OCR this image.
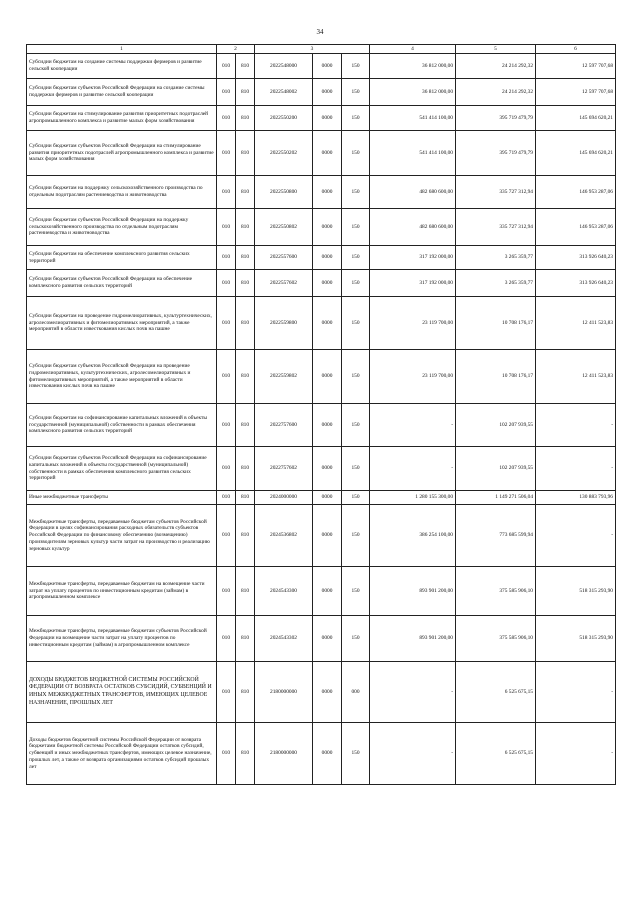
34
1	2		3			4	5	6
Субсидии бюджетам на создание системы поддержки фермеров и развитие сельской кооперации	010	810	2022548000	0000	150	36 812 000,00	24 214 292,32	12 597 707,68
Субсидии бюджетам субъектов Российской Федерации на создание системы поддержки фермеров и развитие сельской кооперации	010	810	2022548002	0000	150	36 812 000,00	24 214 292,32	12 597 707,68
Субсидии бюджетам на стимулирование развития приоритетных подотраслей агропромышленного комплекса и развитие малых форм хозяйствования	010	810	2022550200	0000	150	541 414 100,00	395 719 479,79	145 694 620,21
Субсидии бюджетам субъектов Российской Федерации на стимулирование развития приоритетных подотраслей агропромышленного комплекса и развитие малых форм хозяйствования	010	810	2022550202	0000	150	541 414 100,00	395 719 479,79	145 694 620,21
Субсидии бюджетам на поддержку сельскохозяйственного производства по отдельным подотраслям растениеводства и животноводства	010	810	2022550800	0000	150	482 680 600,00	335 727 312,94	146 953 287,06
Субсидии бюджетам субъектов Российской Федерации на поддержку сельскохозяйственного производства по отдельным подотраслям растениеводства и животноводства	010	810	2022550802	0000	150	482 680 600,00	335 727 312,94	146 953 287,06
Субсидии бюджетам на обеспечение комплексного развития сельских территорий	010	810	2022557600	0000	150	317 192 000,00	3 265 359,77	313 926 640,23
Субсидии бюджетам субъектов Российской Федерации на обеспечение комплексного развития сельских территорий	010	810	2022557602	0000	150	317 192 000,00	3 265 359,77	313 926 640,23
Субсидии бюджетам на проведение гидромелиоративных, культуртехнических, агролесомелиоративных и фитомелиоративных мероприятий, а также мероприятий в области известкования кислых почв на пашне	010	810	2022559800	0000	150	23 119 700,00	10 708 176,17	12 411 523,83
Субсидии бюджетам субъектов Российской Федерации на проведение гидромелиоративных, культуртехнических, агролесомелиоративных и фитомелиоративных мероприятий, а также мероприятий в области известкования кислых почв на пашне	010	810	2022559802	0000	150	23 119 700,00	10 708 176,17	12 411 523,83
Субсидии бюджетам на софинансирование капитальных вложений в объекты государственной (муниципальной) собственности в рамках обеспечения комплексного развития сельских территорий	010	810	2022757600	0000	150	-	102 207 939,55	-
Субсидии бюджетам субъектов Российской Федерации на софинансирование капитальных вложений в объекты государственной (муниципальной) собственности в рамках обеспечения комплексного развития сельских территорий	010	810	2022757602	0000	150	-	102 207 939,55	-
Иные межбюджетные трансферты	010	810	2024000000	0000	150	1 280 155 300,00	1 149 271 506,04	130 883 793,96
Межбюджетные трансферты, передаваемые бюджетам субъектов Российской Федерации в целях софинансирования расходных обязательств субъектов Российской Федерации по финансовому обеспечению (возмещению) производителям зерновых культур части затрат на производство и реализацию зерновых культур	010	810	2024536802	0000	150	386 254 100,00	773 685 599,94	-
Межбюджетные трансферты, передаваемые бюджетам на возмещение части затрат на уплату процентов по инвестиционным кредитам (займам) в агропромышленном комплексе	010	810	2024543300	0000	150	893 901 200,00	375 585 906,10	518 315 293,90
Межбюджетные трансферты, передаваемые бюджетам субъектов Российской Федерации на возмещение части затрат на уплату процентов по инвестиционным кредитам (займам) в агропромышленном комплексе	010	810	2024543302	0000	150	893 901 200,00	375 585 906,10	518 315 293,90
ДОХОДЫ БЮДЖЕТОВ БЮДЖЕТНОЙ СИСТЕМЫ РОССИЙСКОЙ ФЕДЕРАЦИИ ОТ ВОЗВРАТА ОСТАТКОВ СУБСИДИЙ, СУБВЕНЦИЙ И ИНЫХ МЕЖБЮДЖЕТНЫХ ТРАНСФЕРТОВ, ИМЕЮЩИХ ЦЕЛЕВОЕ НАЗНАЧЕНИЕ, ПРОШЛЫХ ЛЕТ	010	810	2180000000	0000	000	-	6 525 675,15	-
Доходы бюджетов бюджетной системы Российской Федерации от возврата бюджетами бюджетной системы Российской Федерации остатков субсидий, субвенций и иных межбюджетных трансфертов, имеющих целевое назначение, прошлых лет, а также от возврата организациями остатков субсидий прошлых лет	010	810	2180000000	0000	150	-	6 525 675,15	-
